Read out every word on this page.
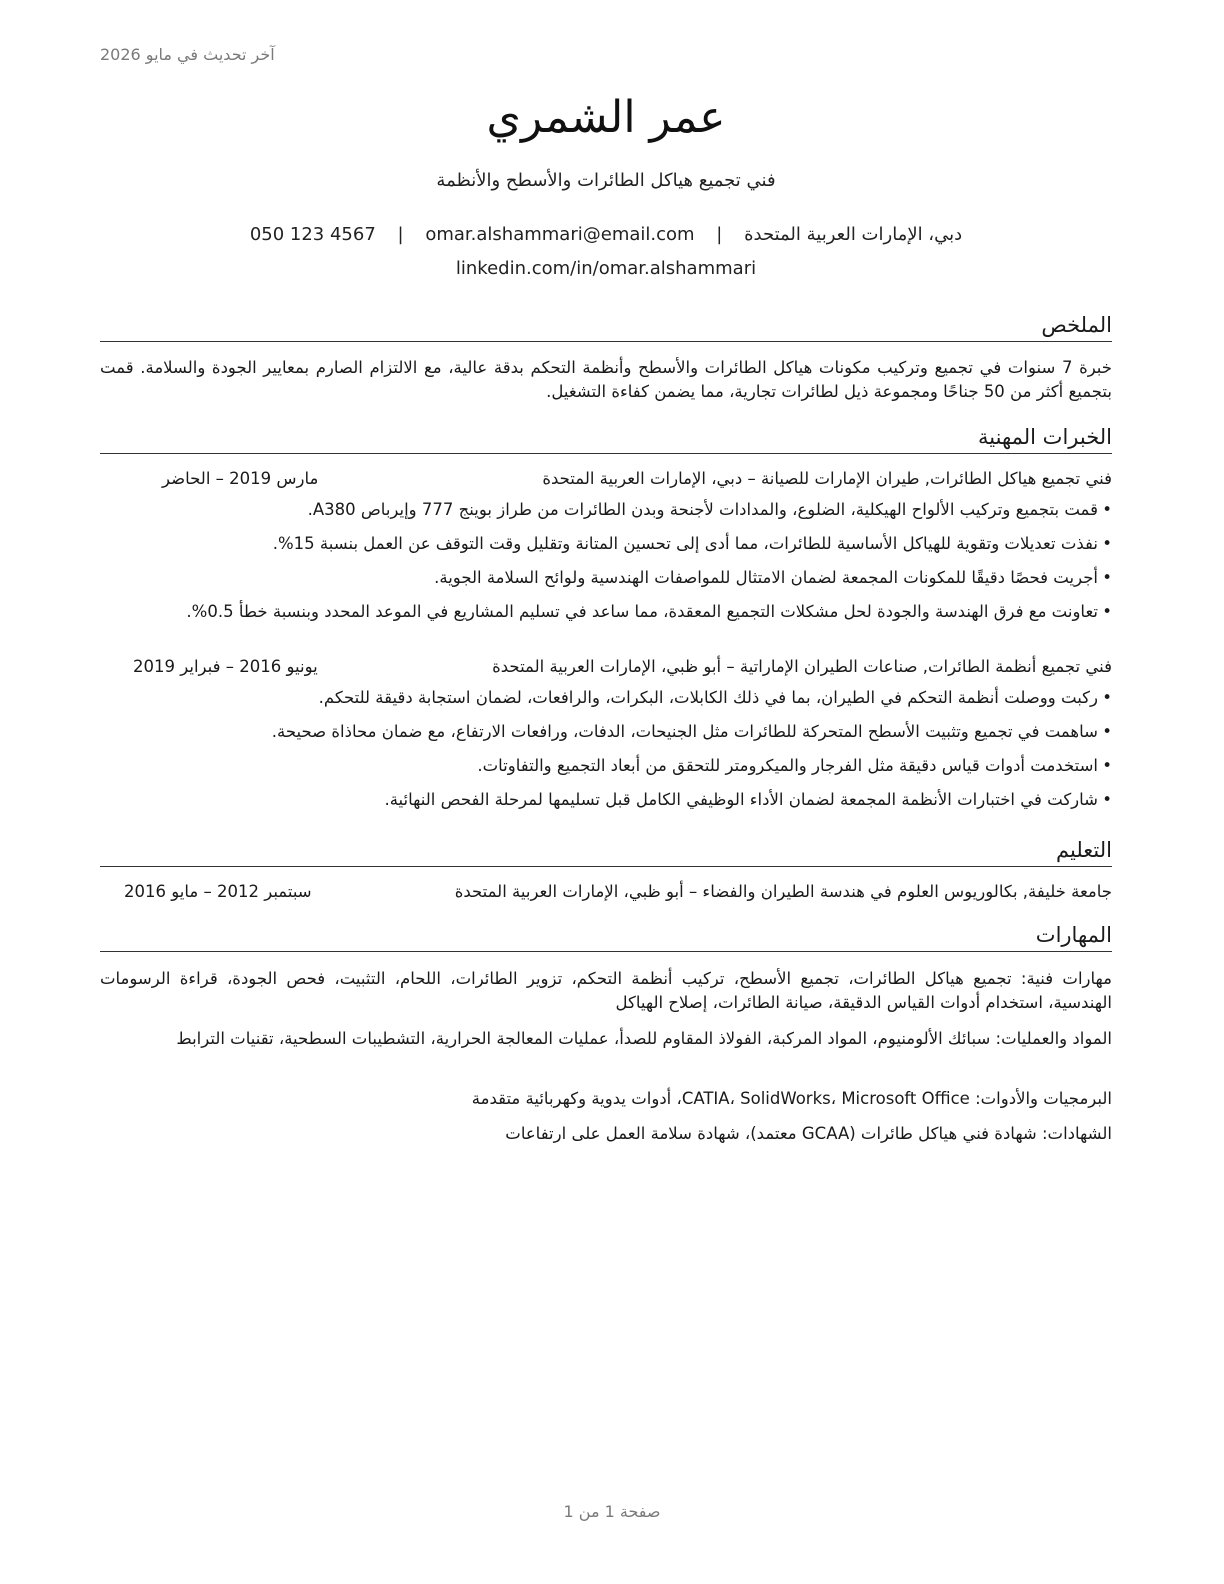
آخر تحديث في مايو 2026
عمر الشمري
فني تجميع هياكل الطائرات والأسطح والأنظمة
دبي، الإمارات العربية المتحدة | omar.alshammari@email.com | 050 123 4567
linkedin.com/in/omar.alshammari
الملخص
خبرة 7 سنوات في تجميع وتركيب مكونات هياكل الطائرات والأسطح وأنظمة التحكم بدقة عالية، مع الالتزام الصارم بمعايير الجودة والسلامة. قمت بتجميع أكثر من 50 جناحًا ومجموعة ذيل لطائرات تجارية، مما يضمن كفاءة التشغيل.
الخبرات المهنية
فني تجميع هياكل الطائرات, طيران الإمارات للصيانة – دبي، الإمارات العربية المتحدة
مارس 2019 – الحاضر
•قمت بتجميع وتركيب الألواح الهيكلية، الضلوع، والمدادات لأجنحة وبدن الطائرات من طراز بوينج 777 وإيرباص A380.
•نفذت تعديلات وتقوية للهياكل الأساسية للطائرات، مما أدى إلى تحسين المتانة وتقليل وقت التوقف عن العمل بنسبة 15%.
•أجريت فحصًا دقيقًا للمكونات المجمعة لضمان الامتثال للمواصفات الهندسية ولوائح السلامة الجوية.
•تعاونت مع فرق الهندسة والجودة لحل مشكلات التجميع المعقدة، مما ساعد في تسليم المشاريع في الموعد المحدد وبنسبة خطأ 0.5%.
فني تجميع أنظمة الطائرات, صناعات الطيران الإماراتية – أبو ظبي، الإمارات العربية المتحدة
يونيو 2016 – فبراير 2019
•ركبت ووصلت أنظمة التحكم في الطيران، بما في ذلك الكابلات، البكرات، والرافعات، لضمان استجابة دقيقة للتحكم.
•ساهمت في تجميع وتثبيت الأسطح المتحركة للطائرات مثل الجنيحات، الدفات، ورافعات الارتفاع، مع ضمان محاذاة صحيحة.
•استخدمت أدوات قياس دقيقة مثل الفرجار والميكرومتر للتحقق من أبعاد التجميع والتفاوتات.
•شاركت في اختبارات الأنظمة المجمعة لضمان الأداء الوظيفي الكامل قبل تسليمها لمرحلة الفحص النهائية.
التعليم
جامعة خليفة, بكالوريوس العلوم في هندسة الطيران والفضاء – أبو ظبي، الإمارات العربية المتحدة
سبتمبر 2012 – مايو 2016
المهارات
مهارات فنية: تجميع هياكل الطائرات، تجميع الأسطح، تركيب أنظمة التحكم، تزوير الطائرات، اللحام، التثبيت، فحص الجودة، قراءة الرسومات الهندسية، استخدام أدوات القياس الدقيقة، صيانة الطائرات، إصلاح الهياكل
المواد والعمليات: سبائك الألومنيوم، المواد المركبة، الفولاذ المقاوم للصدأ، عمليات المعالجة الحرارية، التشطيبات السطحية، تقنيات الترابط
البرمجيات والأدوات: CATIA، SolidWorks، Microsoft Office، أدوات يدوية وكهربائية متقدمة
الشهادات: شهادة فني هياكل طائرات (GCAA معتمد)، شهادة سلامة العمل على ارتفاعات
صفحة 1 من 1
